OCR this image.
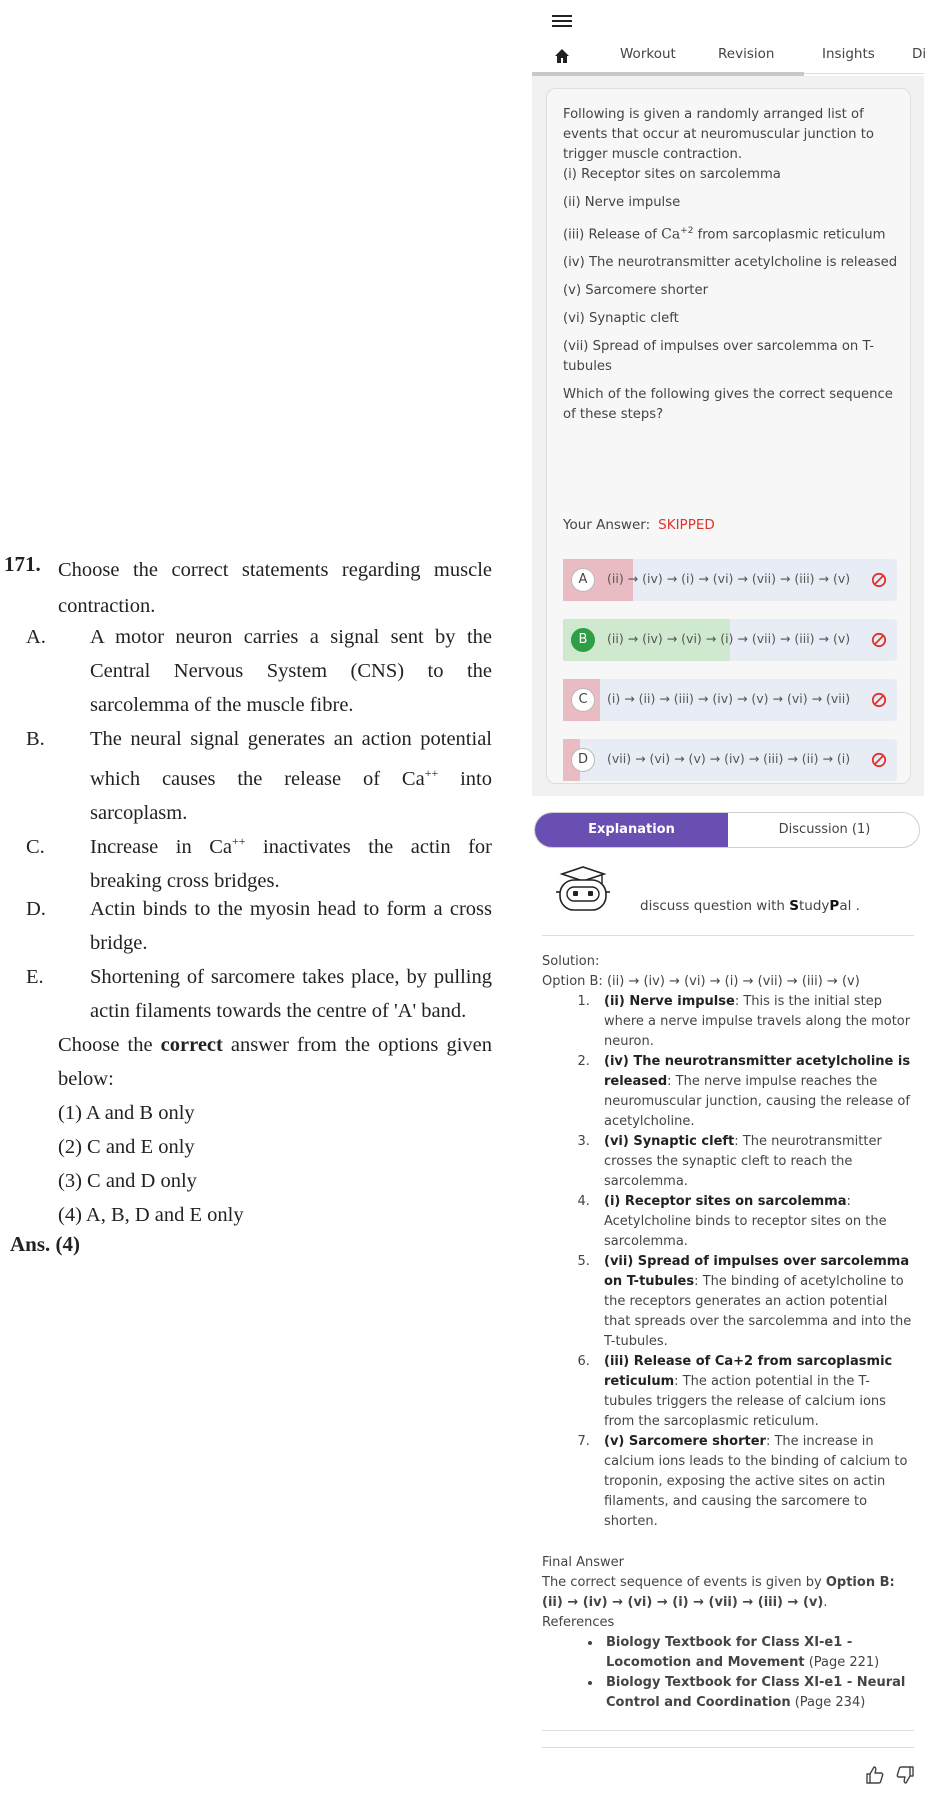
171. Choose the correct statements regarding muscle contraction.
A. A motor neuron carries a signal sent by the Central Nervous System (CNS) to the sarcolemma of the muscle fibre.
B. The neural signal generates an action potential which causes the release of Ca++ into sarcoplasm.
C. Increase in Ca++ inactivates the actin for breaking cross bridges.
D. Actin binds to the myosin head to form a cross bridge.
E. Shortening of sarcomere takes place, by pulling actin filaments towards the centre of 'A' band.
Choose the correct answer from the options given below:
(1) A and B only
(2) C and E only
(3) C and D only
(4) A, B, D and E only
Ans. (4)
Workout	Revision	Insights	Di

Following is given a randomly arranged list of events that occur at neuromuscular junction to trigger muscle contraction.

(i) Receptor sites on sarcolemma

(ii) Nerve impulse

(iii) Release of $Ca^{+2}$ from sarcoplasmic reticulum

(iv) The neurotransmitter acetylcholine is released

(v) Sarcomere shorter

(vi) Synaptic cleft

(vii) Spread of impulses over sarcolemma on T-tubules

Which of the following gives the correct sequence of these steps?

Your Answer: SKIPPED
A	(ii) → (iv) → (i) → (vi) → (vii) → (iii) → (v)
B	(ii) → (iv) → (vi) → (i) → (vii) → (iii) → (v)
C	(i) → (ii) → (iii) → (iv) → (v) → (vi) → (vii)
D	(vii) → (vi) → (v) → (iv) → (iii) → (ii) → (i)
Explanation	Discussion (1)
discuss question with StudyPal .
Solution:
Option B: (ii) → (iv) → (vi) → (i) → (vii) → (iii) → (v)
1. (ii) Nerve impulse: This is the initial step where a nerve impulse travels along the motor neuron.
2. (iv) The neurotransmitter acetylcholine is released: The nerve impulse reaches the neuromuscular junction, causing the release of acetylcholine.
3. (vi) Synaptic cleft: The neurotransmitter crosses the synaptic cleft to reach the sarcolemma.
4. (i) Receptor sites on sarcolemma: Acetylcholine binds to receptor sites on the sarcolemma.
5. (vii) Spread of impulses over sarcolemma on T-tubules: The binding of acetylcholine to the receptors generates an action potential that spreads over the sarcolemma and into the T-tubules.
6. (iii) Release of Ca+2 from sarcoplasmic reticulum: The action potential in the T-tubules triggers the release of calcium ions from the sarcoplasmic reticulum.
7. (v) Sarcomere shorter: The increase in calcium ions leads to the binding of calcium to troponin, exposing the active sites on actin filaments, and causing the sarcomere to shorten.
Final Answer
The correct sequence of events is given by Option B: (ii) → (iv) → (vi) → (i) → (vii) → (iii) → (v).
References
• Biology Textbook for Class XI-e1 - Locomotion and Movement (Page 221)
• Biology Textbook for Class XI-e1 - Neural Control and Coordination (Page 234)
